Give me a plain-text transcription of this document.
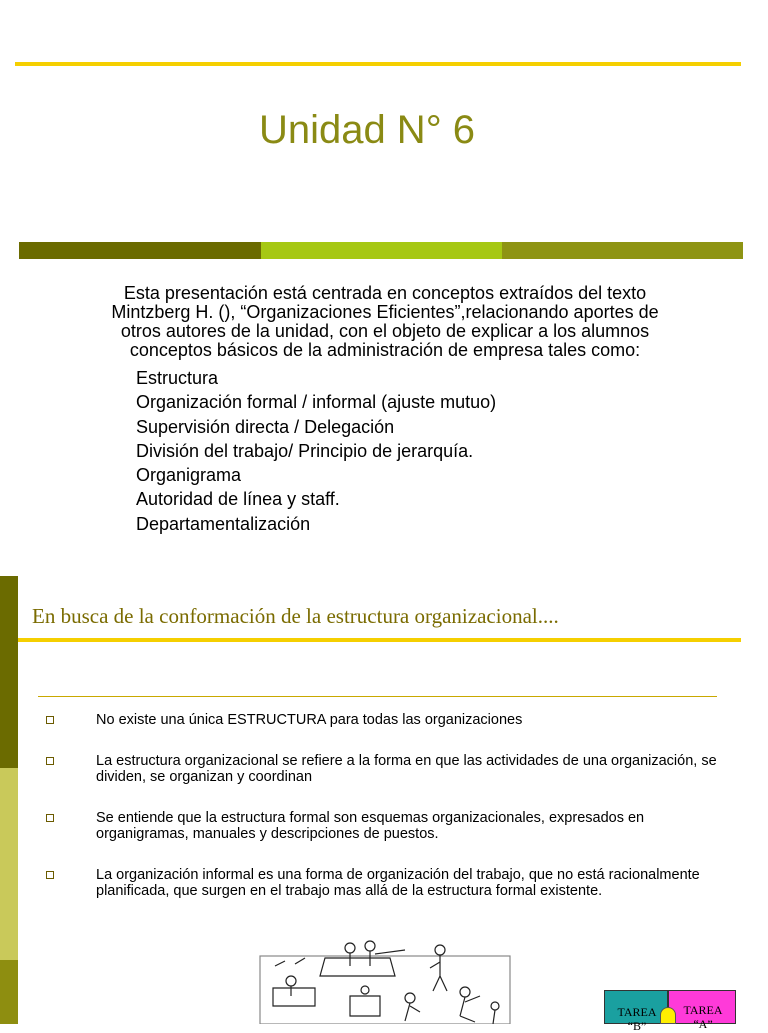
Unidad N° 6
Esta presentación está centrada en conceptos extraídos del texto
Mintzberg H. (), “Organizaciones Eficientes”,relacionando aportes de
otros autores de la unidad, con el objeto de explicar a los alumnos
conceptos básicos de la administración de empresa tales como:
Estructura
Organización formal / informal (ajuste mutuo)
Supervisión directa / Delegación
División del trabajo/ Principio de jerarquía.
Organigrama
Autoridad de línea y staff.
Departamentalización
En busca de la conformación de la estructura organizacional....
No existe una única ESTRUCTURA para todas las organizaciones
La estructura organizacional se refiere a la forma en que las actividades de una organización, se dividen, se organizan y coordinan
Se entiende que la estructura formal son esquemas organizacionales, expresados en organigramas, manuales y descripciones de puestos.
La organización informal es una forma de organización del trabajo, que no está racionalmente planificada, que surgen en el trabajo mas allá de la estructura formal existente.
TAREA
“B”
TAREA
“A”
